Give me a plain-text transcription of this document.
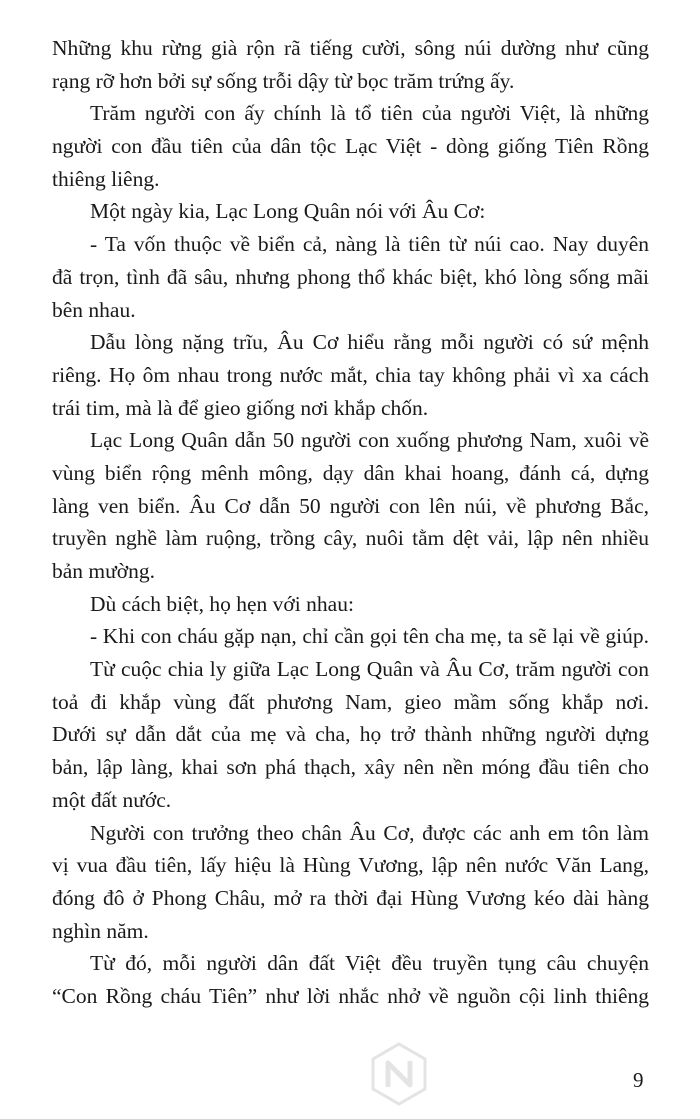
Những khu rừng già rộn rã tiếng cười, sông núi dường như cũng
rạng rỡ hơn bởi sự sống trỗi dậy từ bọc trăm trứng ấy.
Trăm người con ấy chính là tổ tiên của người Việt, là những
người con đầu tiên của dân tộc Lạc Việt - dòng giống Tiên Rồng
thiêng liêng.
Một ngày kia, Lạc Long Quân nói với Âu Cơ:
- Ta vốn thuộc về biển cả, nàng là tiên từ núi cao. Nay duyên
đã trọn, tình đã sâu, nhưng phong thổ khác biệt, khó lòng sống mãi
bên nhau.
Dẫu lòng nặng trĩu, Âu Cơ hiểu rằng mỗi người có sứ mệnh
riêng. Họ ôm nhau trong nước mắt, chia tay không phải vì xa cách
trái tim, mà là để gieo giống nơi khắp chốn.
Lạc Long Quân dẫn 50 người con xuống phương Nam, xuôi về
vùng biển rộng mênh mông, dạy dân khai hoang, đánh cá, dựng
làng ven biển. Âu Cơ dẫn 50 người con lên núi, về phương Bắc,
truyền nghề làm ruộng, trồng cây, nuôi tằm dệt vải, lập nên nhiều
bản mường.
Dù cách biệt, họ hẹn với nhau:
- Khi con cháu gặp nạn, chỉ cần gọi tên cha mẹ, ta sẽ lại về giúp.
Từ cuộc chia ly giữa Lạc Long Quân và Âu Cơ, trăm người con
toả đi khắp vùng đất phương Nam, gieo mầm sống khắp nơi.
Dưới sự dẫn dắt của mẹ và cha, họ trở thành những người dựng
bản, lập làng, khai sơn phá thạch, xây nên nền móng đầu tiên cho
một đất nước.
Người con trưởng theo chân Âu Cơ, được các anh em tôn làm
vị vua đầu tiên, lấy hiệu là Hùng Vương, lập nên nước Văn Lang,
đóng đô ở Phong Châu, mở ra thời đại Hùng Vương kéo dài hàng
nghìn năm.
Từ đó, mỗi người dân đất Việt đều truyền tụng câu chuyện
“Con Rồng cháu Tiên” như lời nhắc nhở về nguồn cội linh thiêng
9
